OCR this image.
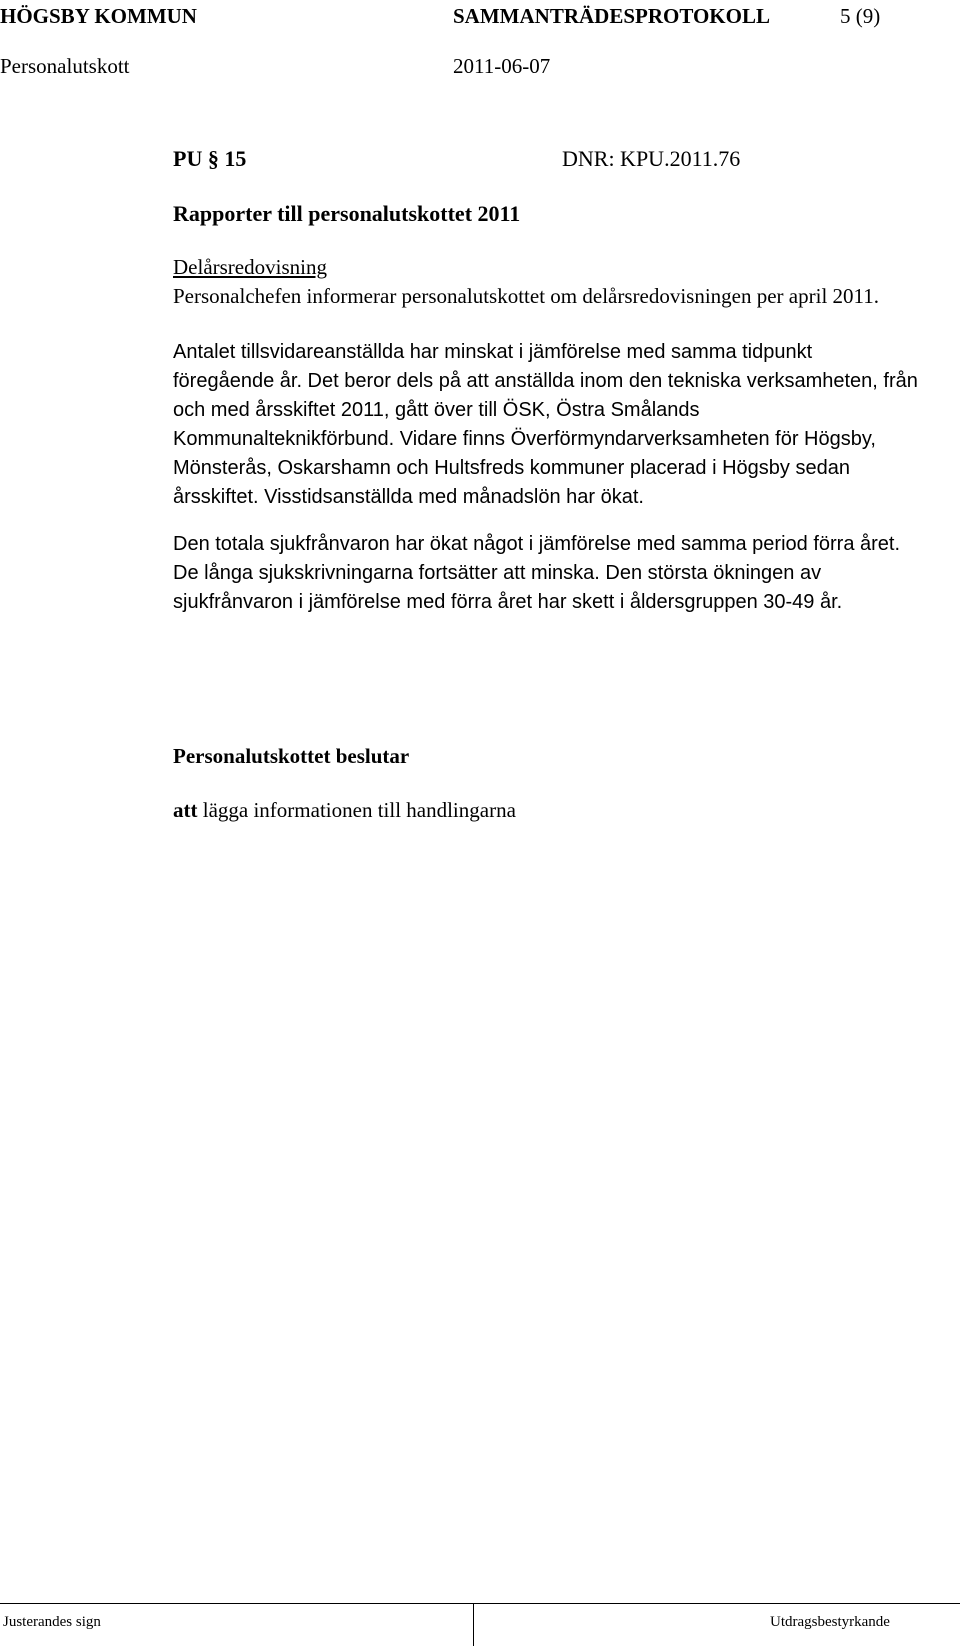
HÖGSBY KOMMUN	SAMMANTRÄDESPROTOKOLL	5 (9)
Personalutskott	2011-06-07
PU § 15	DNR: KPU.2011.76
Rapporter till personalutskottet 2011

Delårsredovisning

Personalchefen informerar personalutskottet om delårsredovisningen per april 2011.

Antalet tillsvidareanställda har minskat i jämförelse med samma tidpunkt föregående år. Det beror dels på att anställda inom den tekniska verksamheten, från och med årsskiftet 2011, gått över till ÖSK, Östra Smålands Kommunalteknikförbund. Vidare finns Överförmyndarverksamheten för Högsby, Mönsterås, Oskarshamn och Hultsfreds kommuner placerad i Högsby sedan årsskiftet. Visstidsanställda med månadslön har ökat.

Den totala sjukfrånvaron har ökat något i jämförelse med samma period förra året. De långa sjukskrivningarna fortsätter att minska. Den största ökningen av sjukfrånvaron i jämförelse med förra året har skett i åldersgruppen 30-49 år.

Personalutskottet beslutar
att lägga informationen till handlingarna
Justerandes sign	Utdragsbestyrkande
